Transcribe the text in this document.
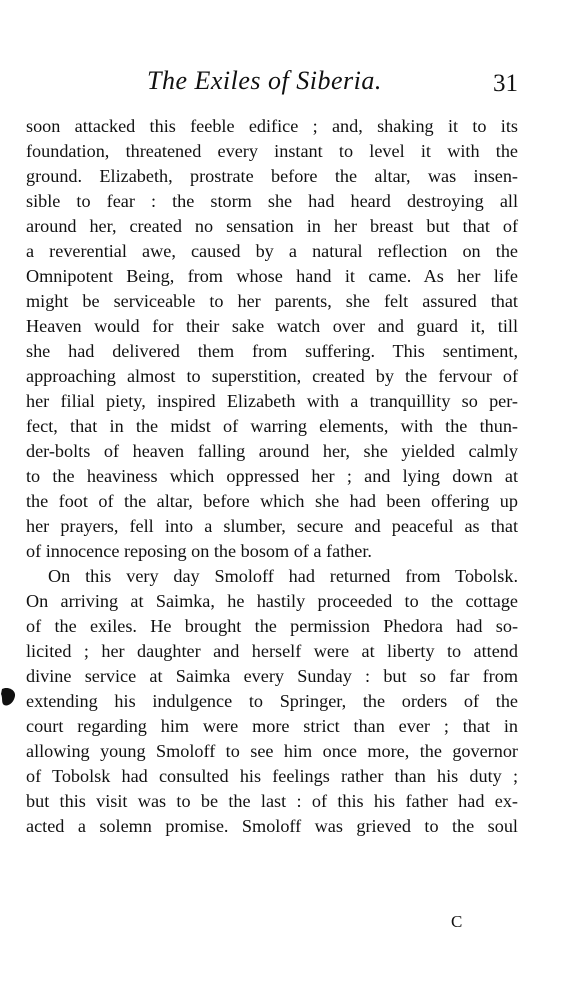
The Exiles of Siberia.	31
soon attacked this feeble edifice ; and, shaking it to its
foundation, threatened every instant to level it with the
ground. Elizabeth, prostrate before the altar, was insen-
sible to fear : the storm she had heard destroying all
around her, created no sensation in her breast but that of
a reverential awe, caused by a natural reflection on the
Omnipotent Being, from whose hand it came. As her life
might be serviceable to her parents, she felt assured that
Heaven would for their sake watch over and guard it, till
she had delivered them from suffering. This sentiment,
approaching almost to superstition, created by the fervour of
her filial piety, inspired Elizabeth with a tranquillity so per-
fect, that in the midst of warring elements, with the thun-
der-bolts of heaven falling around her, she yielded calmly
to the heaviness which oppressed her ; and lying down at
the foot of the altar, before which she had been offering up
her prayers, fell into a slumber, secure and peaceful as that
of innocence reposing on the bosom of a father.
On this very day Smoloff had returned from Tobolsk.
On arriving at Saimka, he hastily proceeded to the cottage
of the exiles. He brought the permission Phedora had so-
licited ; her daughter and herself were at liberty to attend
divine service at Saimka every Sunday : but so far from
extending his indulgence to Springer, the orders of the
court regarding him were more strict than ever ; that in
allowing young Smoloff to see him once more, the governor
of Tobolsk had consulted his feelings rather than his duty ;
but this visit was to be the last : of this his father had ex-
acted a solemn promise. Smoloff was grieved to the soul
C
